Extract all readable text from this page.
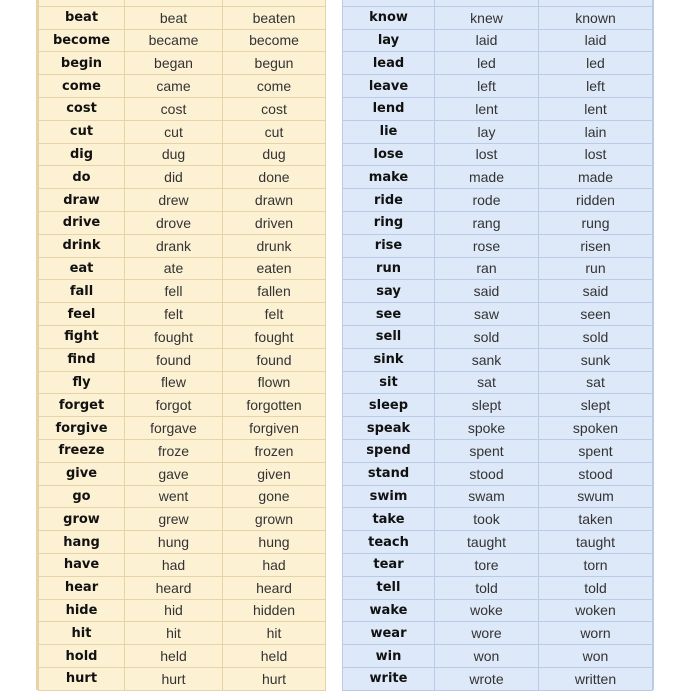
beat	beat	beaten
become	became	become
begin	began	begun
come	came	come
cost	cost	cost
cut	cut	cut
dig	dug	dug
do	did	done
draw	drew	drawn
drive	drove	driven
drink	drank	drunk
eat	ate	eaten
fall	fell	fallen
feel	felt	felt
fight	fought	fought
find	found	found
fly	flew	flown
forget	forgot	forgotten
forgive	forgave	forgiven
freeze	froze	frozen
give	gave	given
go	went	gone
grow	grew	grown
hang	hung	hung
have	had	had
hear	heard	heard
hide	hid	hidden
hit	hit	hit
hold	held	held
hurt	hurt	hurt

know	knew	known
lay	laid	laid
lead	led	led
leave	left	left
lend	lent	lent
lie	lay	lain
lose	lost	lost
make	made	made
ride	rode	ridden
ring	rang	rung
rise	rose	risen
run	ran	run
say	said	said
see	saw	seen
sell	sold	sold
sink	sank	sunk
sit	sat	sat
sleep	slept	slept
speak	spoke	spoken
spend	spent	spent
stand	stood	stood
swim	swam	swum
take	took	taken
teach	taught	taught
tear	tore	torn
tell	told	told
wake	woke	woken
wear	wore	worn
win	won	won
write	wrote	written
